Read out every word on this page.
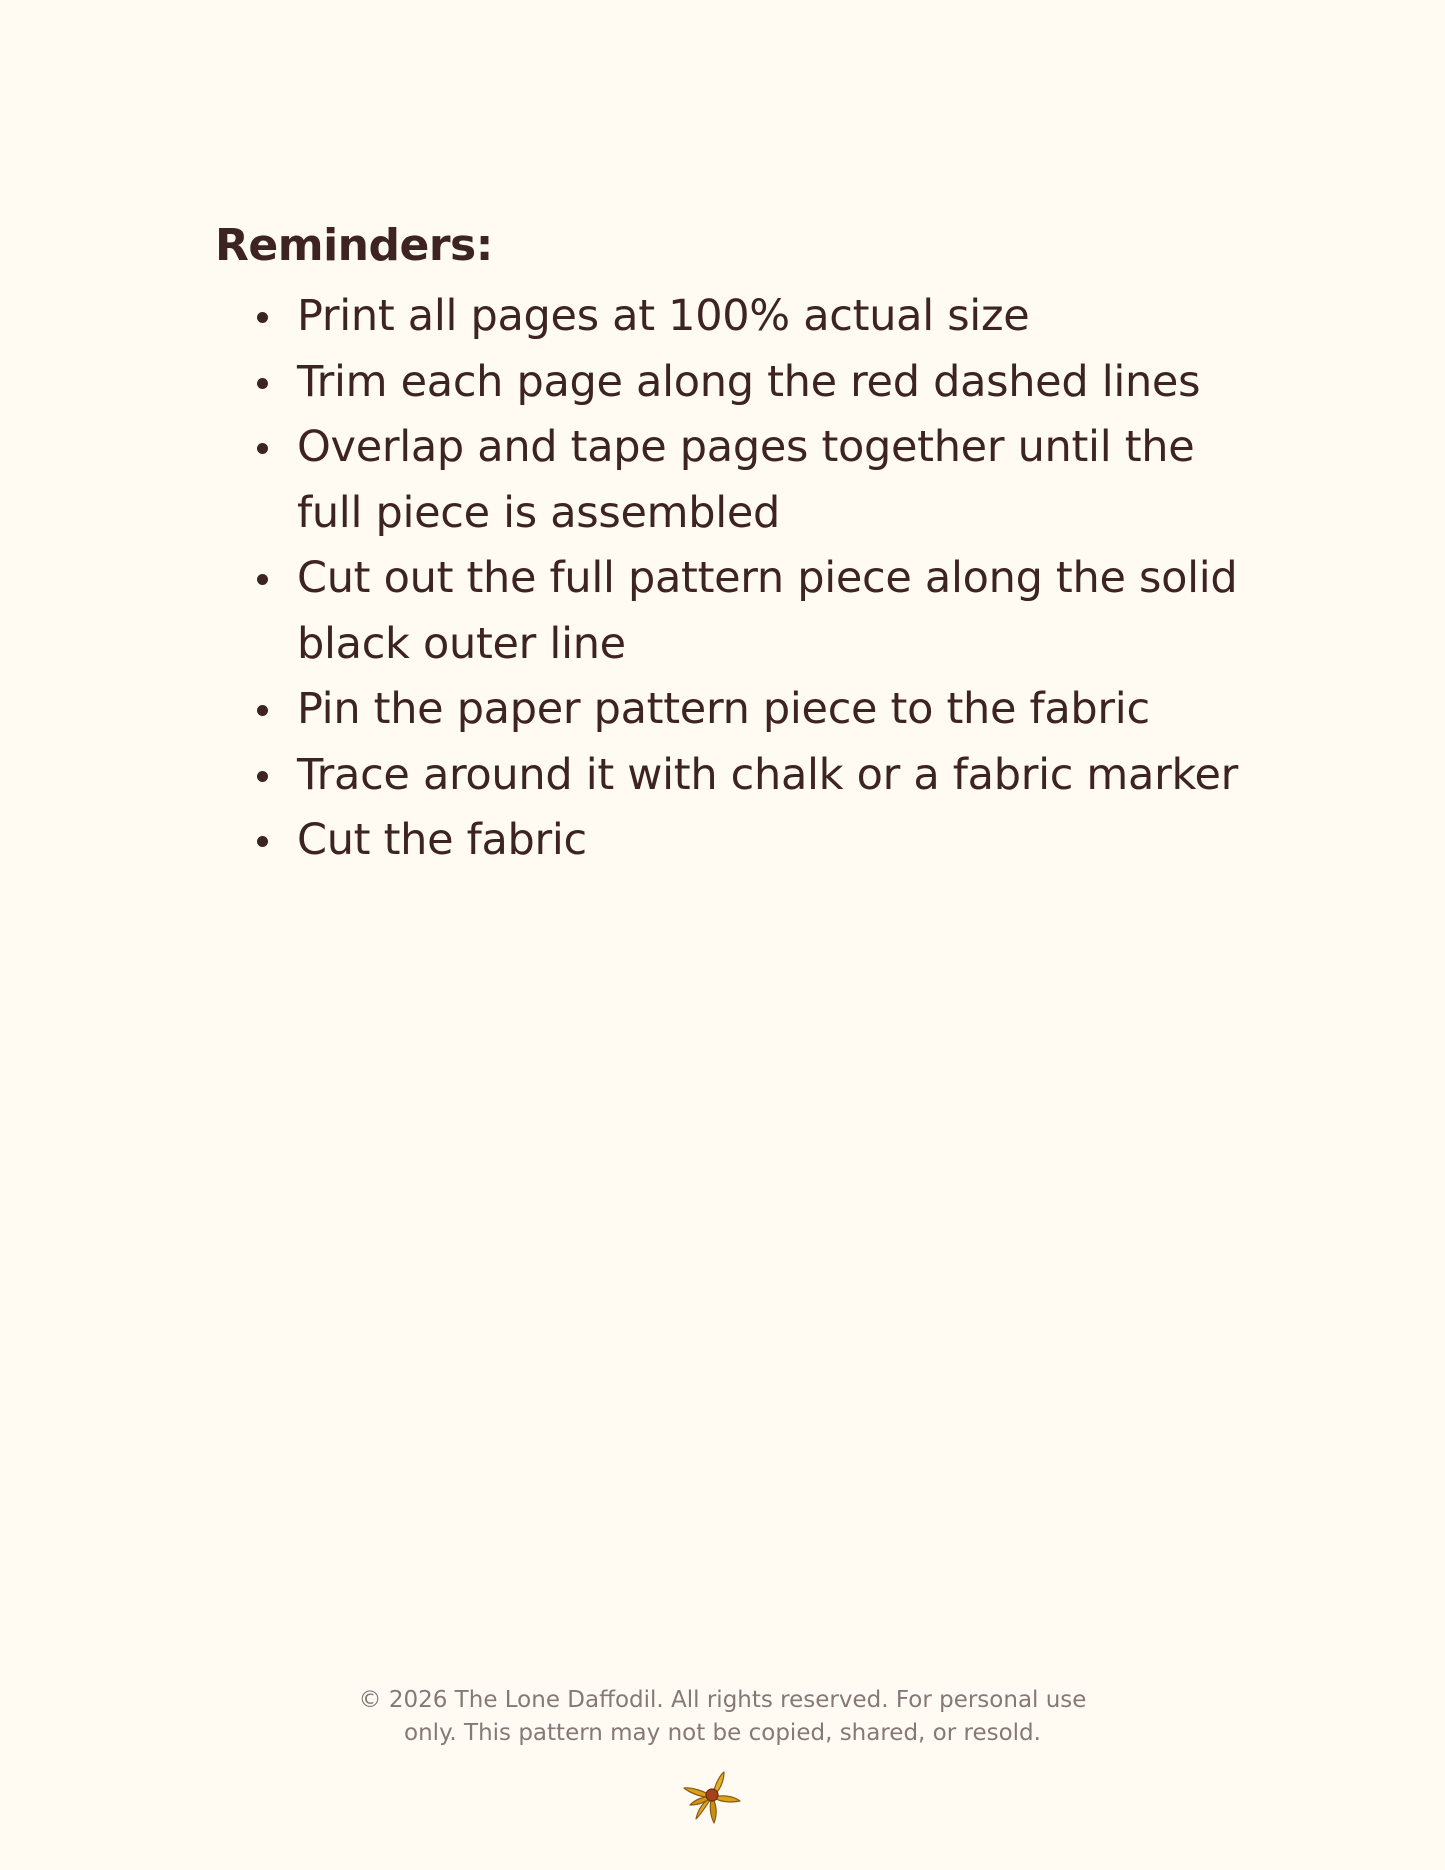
Reminders:
Print all pages at 100% actual size
Trim each page along the red dashed lines
Overlap and tape pages together until the full piece is assembled
Cut out the full pattern piece along the solid black outer line
Pin the paper pattern piece to the fabric
Trace around it with chalk or a fabric marker
Cut the fabric
© 2026 The Lone Daffodil. All rights reserved. For personal use
only. This pattern may not be copied, shared, or resold.
